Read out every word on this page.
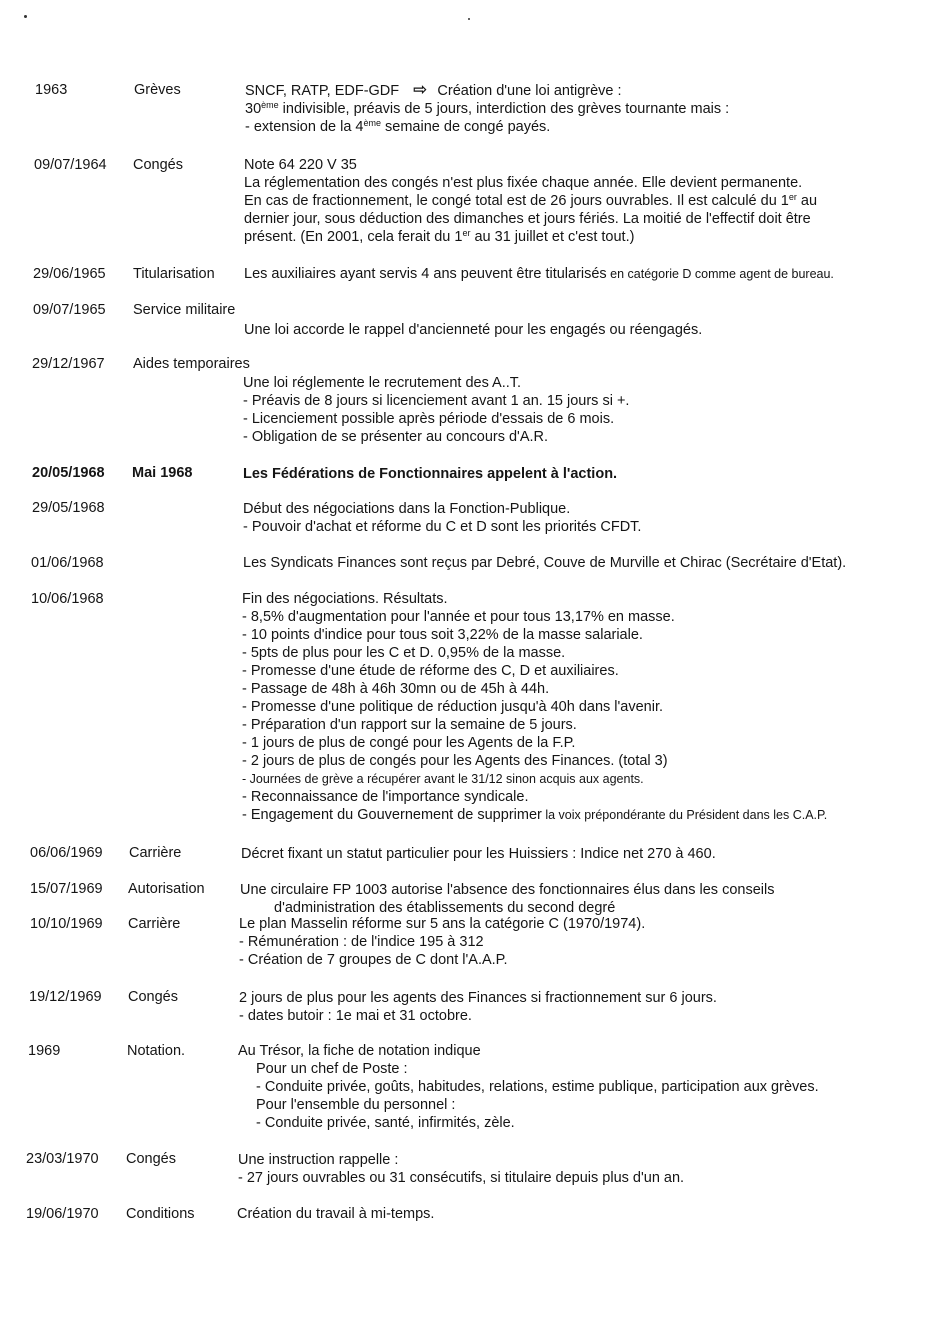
1963	Grèves	SNCF, RATP, EDF-GDF ⇨ Création d'une loi antigrève :
30ème indivisible, préavis de 5 jours, interdiction des grèves tournante mais :
- extension de la 4ème semaine de congé payés.
09/07/1964 Congés	Note 64 220 V 35
La réglementation des congés n'est plus fixée chaque année. Elle devient permanente.
En cas de fractionnement, le congé total est de 26 jours ouvrables. Il est calculé du 1er au
dernier jour, sous déduction des dimanches et jours fériés. La moitié de l'effectif doit être
présent. (En 2001, cela ferait du 1er au 31 juillet et c'est tout.)
29/06/1965 Titularisation Les auxiliaires ayant servis 4 ans peuvent être titularisés en catégorie D comme agent de bureau.
09/07/1965 Service militaire
Une loi accorde le rappel d'ancienneté pour les engagés ou réengagés.
29/12/1967 Aides temporaires
Une loi réglemente le recrutement des A..T.
- Préavis de 8 jours si licenciement avant 1 an. 15 jours si +.
- Licenciement possible après période d'essais de 6 mois.
- Obligation de se présenter au concours d'A.R.
20/05/1968 Mai 1968	Les Fédérations de Fonctionnaires appelent à l'action.
29/05/1968	Début des négociations dans la Fonction-Publique.
- Pouvoir d'achat et réforme du C et D sont les priorités CFDT.
01/06/1968	Les Syndicats Finances sont reçus par Debré, Couve de Murville et Chirac (Secrétaire d'Etat).
10/06/1968	Fin des négociations. Résultats.
- 8,5% d'augmentation pour l'année et pour tous 13,17% en masse.
- 10 points d'indice pour tous soit 3,22% de la masse salariale.
- 5pts de plus pour les C et D. 0,95% de la masse.
- Promesse d'une étude de réforme des C, D et auxiliaires.
- Passage de 48h à 46h 30mn ou de 45h à 44h.
- Promesse d'une politique de réduction jusqu'à 40h dans l'avenir.
- Préparation d'un rapport sur la semaine de 5 jours.
- 1 jours de plus de congé pour les Agents de la F.P.
- 2 jours de plus de congés pour les Agents des Finances. (total 3)
- Journées de grève a récupérer avant le 31/12 sinon acquis aux agents.
- Reconnaissance de l'importance syndicale.
- Engagement du Gouvernement de supprimer la voix prépondérante du Président dans les C.A.P.
06/06/1969 Carrière	Décret fixant un statut particulier pour les Huissiers : Indice net 270 à 460.
15/07/1969 Autorisation Une circulaire FP 1003 autorise l'absence des fonctionnaires élus dans les conseils
d'administration des établissements du second degré
10/10/1969 Carrière	Le plan Masselin réforme sur 5 ans la catégorie C (1970/1974).
- Rémunération : de l'indice 195 à 312
- Création de 7 groupes de C dont l'A.A.P.
19/12/1969 Congés	2 jours de plus pour les agents des Finances si fractionnement sur 6 jours.
- dates butoir : 1e mai et 31 octobre.
1969	Notation.	Au Trésor, la fiche de notation indique
Pour un chef de Poste :
- Conduite privée, goûts, habitudes, relations, estime publique, participation aux grèves.
Pour l'ensemble du personnel :
- Conduite privée, santé, infirmités, zèle.
23/03/1970 Congés	Une instruction rappelle :
- 27 jours ouvrables ou 31 consécutifs, si titulaire depuis plus d'un an.
19/06/1970 Conditions	Création du travail à mi-temps.
